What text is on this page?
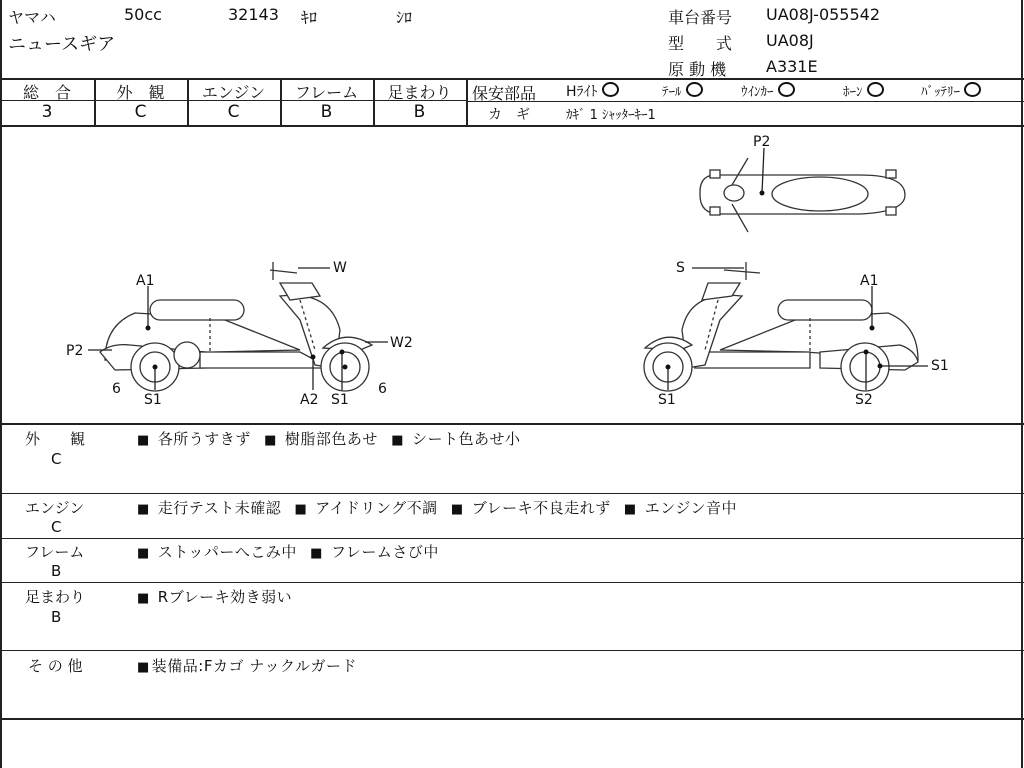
ヤマハ	50cc	32143 ｷﾛ	ｼﾛ
ニュースギア
車台番号 UA08J-055542
型　　式 UA08J
原 動 機 A331E
総　合	外　観	エンジン	フレーム	足まわり
3	C	C	B	B
保安部品 Hﾗｲﾄ	ﾃｰﾙ	ｳｲﾝｶｰ	ﾎｰﾝ	ﾊﾞｯﾃﾘｰ
カ　ギ	ｶｷﾞ 1 ｼｬｯﾀｰｷｰ1
A1
W
P2	W2
6	6
S1	A2 S1
P2
S
A1
S1
S1	S2
外　　観
C
■ 各所うすきず ■ 樹脂部色あせ ■ シート色あせ小
エンジン
C
■ 走行テスト未確認 ■ アイドリング不調 ■ ブレーキ不良走れず ■ エンジン音中
フレーム
B
■ ストッパーへこみ中 ■ フレームさび中
足まわり
B
■ Rブレーキ効き弱い
そ の 他	■ 装備品:Fカゴ ナックルガード
